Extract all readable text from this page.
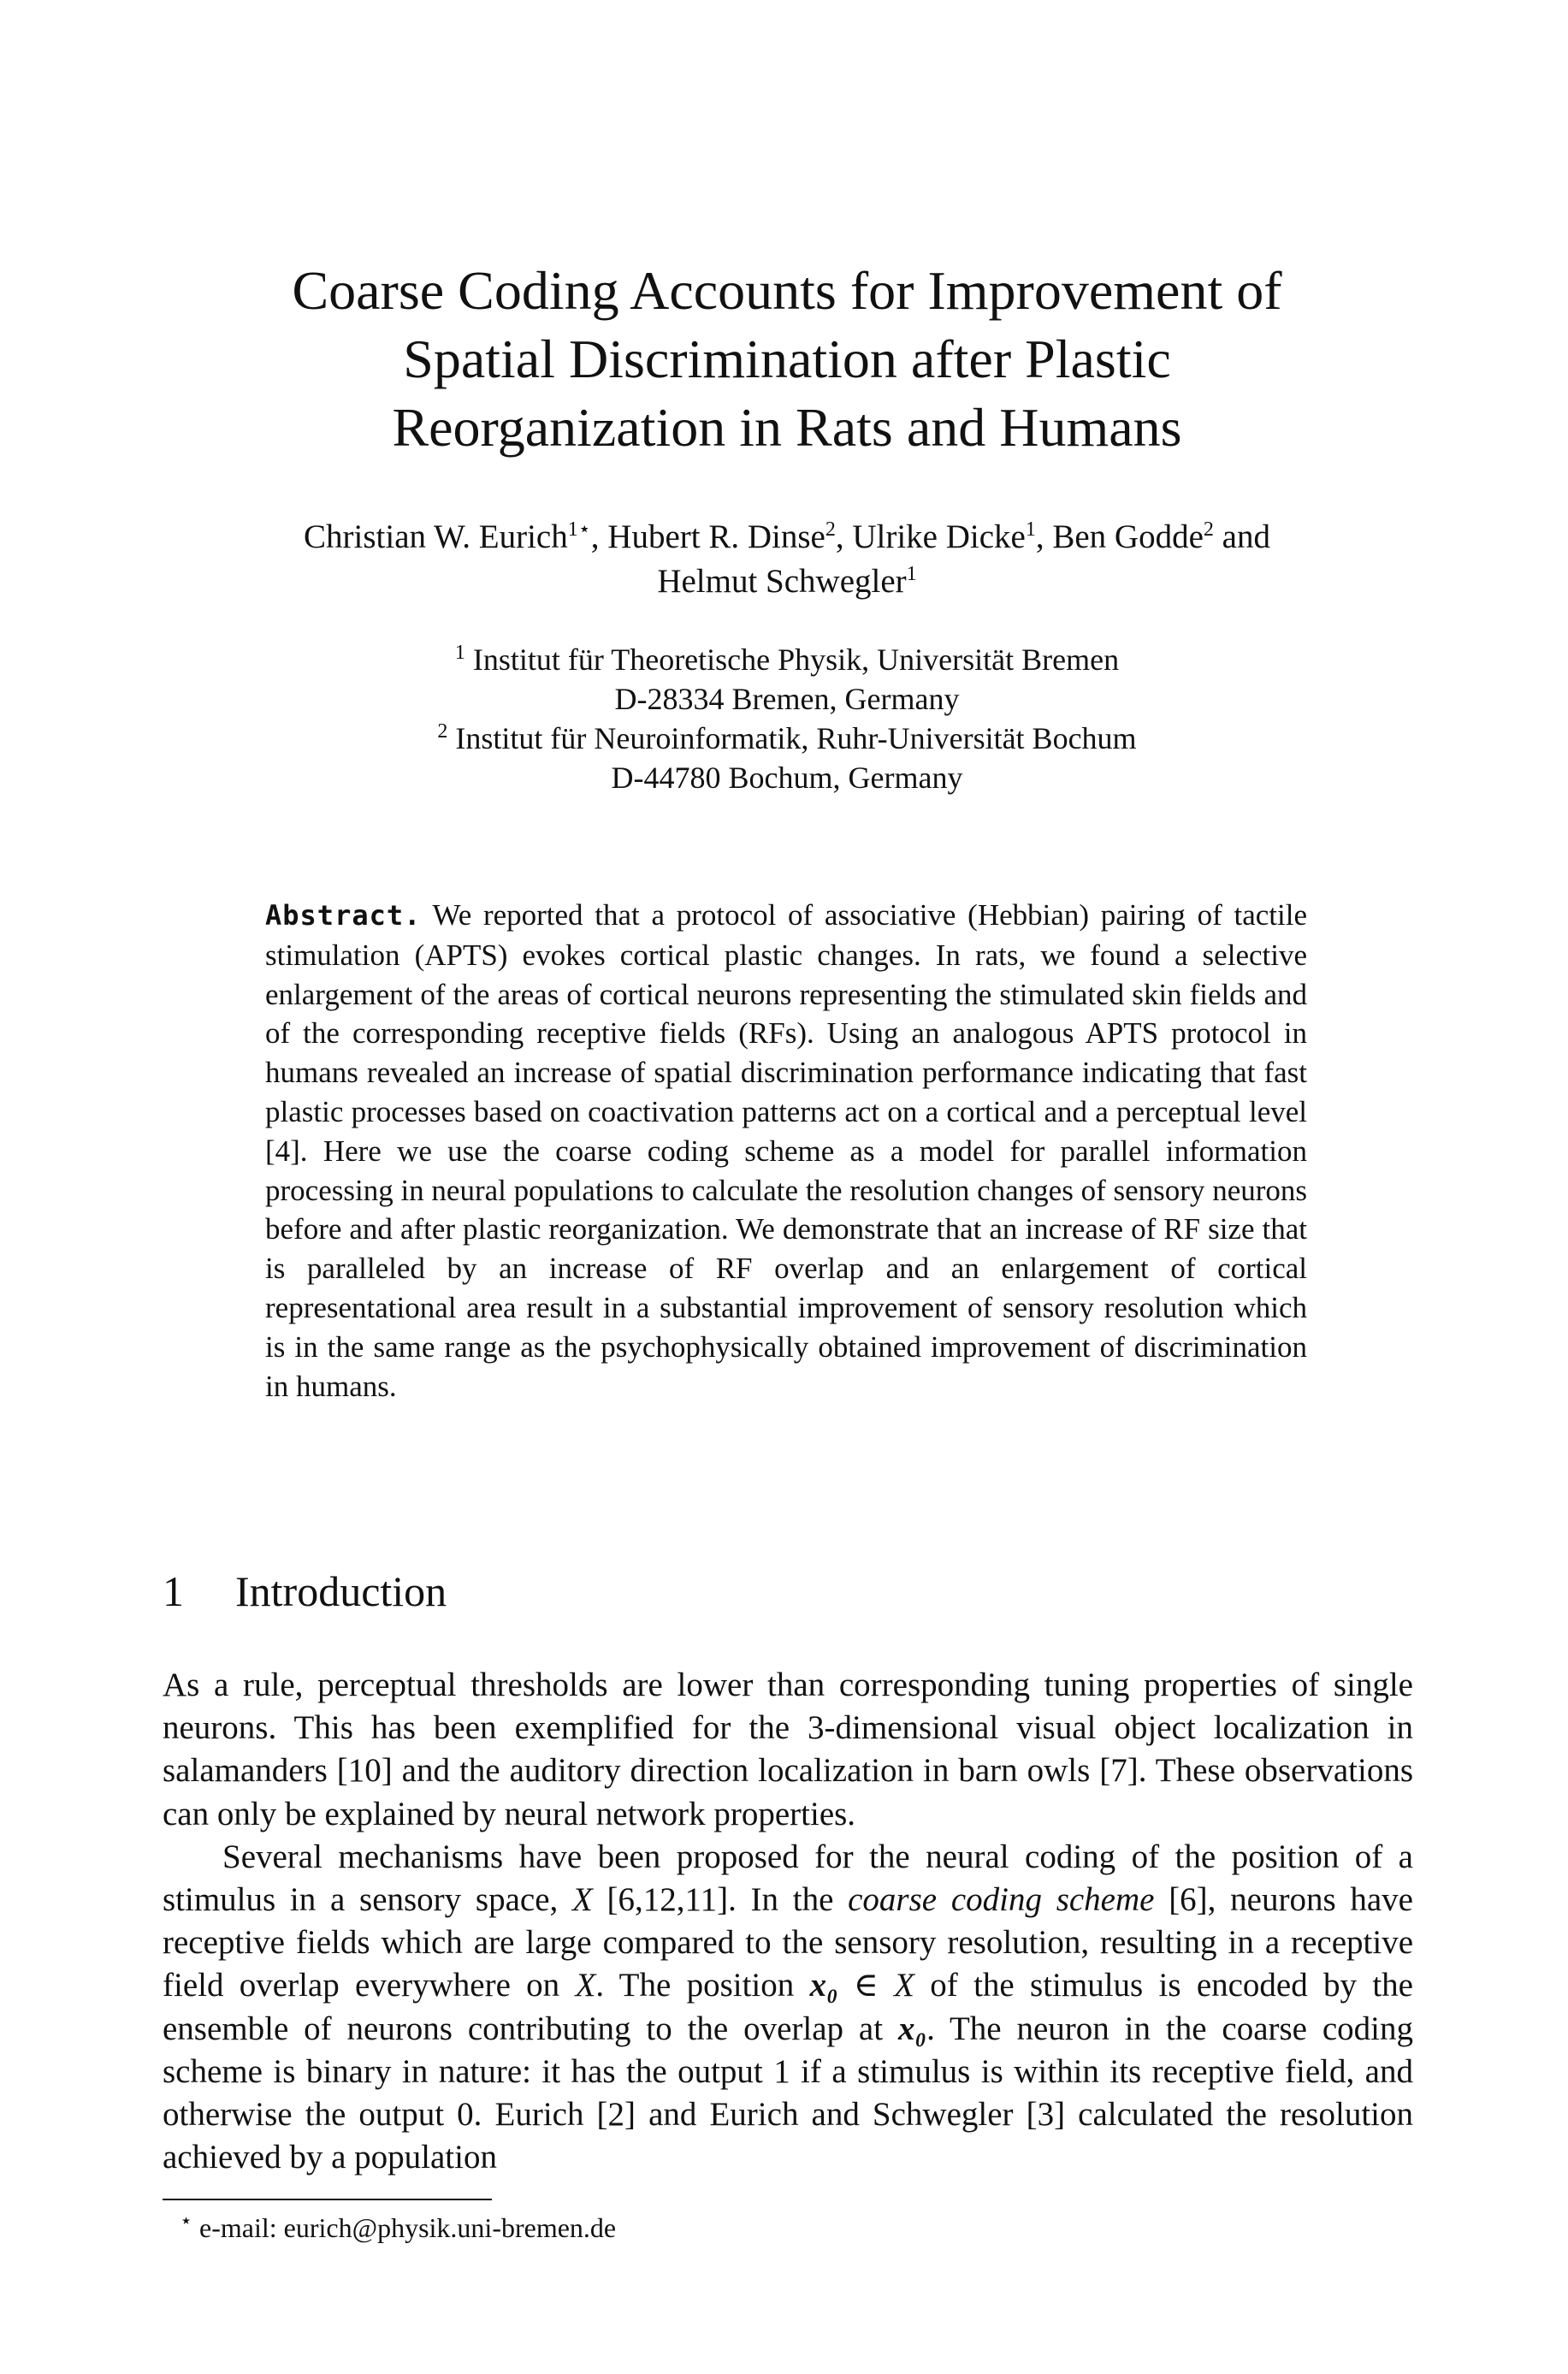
Coarse Coding Accounts for Improvement of
Spatial Discrimination after Plastic
Reorganization in Rats and Humans
Christian W. Eurich$^{1⋆}$, Hubert R. Dinse$^2$, Ulrike Dicke$^1$, Ben Godde$^2$ and
Helmut Schwegler$^1$
$^1$ Institut für Theoretische Physik, Universität Bremen
D-28334 Bremen, Germany
$^2$ Institut für Neuroinformatik, Ruhr-Universität Bochum
D-44780 Bochum, Germany
Abstract. We reported that a protocol of associative (Hebbian) pairing of tactile stimulation (APTS) evokes cortical plastic changes. In rats, we found a selective enlargement of the areas of cortical neurons representing the stimulated skin fields and of the corresponding receptive fields (RFs). Using an analogous APTS protocol in humans revealed an increase of spatial discrimination performance indicating that fast plastic processes based on coactivation patterns act on a cortical and a perceptual level [4]. Here we use the coarse coding scheme as a model for parallel information processing in neural populations to calculate the resolution changes of sensory neurons before and after plastic reorganization. We demonstrate that an increase of RF size that is paralleled by an increase of RF overlap and an enlargement of cortical representational area result in a substantial improvement of sensory resolution which is in the same range as the psychophysically obtained improvement of discrimination in humans.
1 Introduction

As a rule, perceptual thresholds are lower than corresponding tuning properties of single neurons. This has been exemplified for the 3-dimensional visual object localization in salamanders [10] and the auditory direction localization in barn owls [7]. These observations can only be explained by neural network properties.

Several mechanisms have been proposed for the neural coding of the position of a stimulus in a sensory space, X [6,12,11]. In the coarse coding scheme [6], neurons have receptive fields which are large compared to the sensory resolution, resulting in a receptive field overlap everywhere on X. The position x₀ ∈ X of the stimulus is encoded by the ensemble of neurons contributing to the overlap at x₀. The neuron in the coarse coding scheme is binary in nature: it has the output 1 if a stimulus is within its receptive field, and otherwise the output 0. Eurich [2] and Eurich and Schwegler [3] calculated the resolution achieved by a population

⋆ e-mail: eurich@physik.uni-bremen.de
